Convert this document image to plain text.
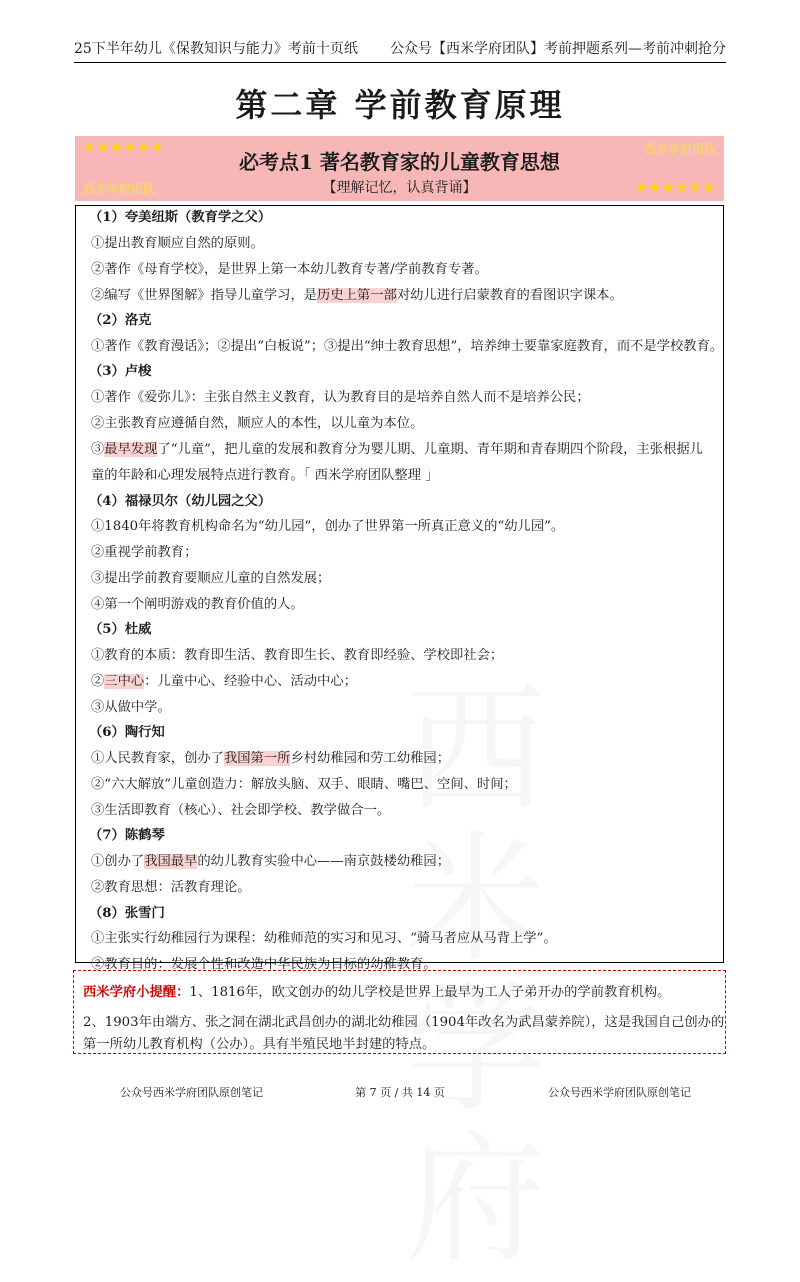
25下半年幼儿《保教知识与能力》考前十页纸 公众号【西米学府团队】考前押题系列—考前冲刺抢分
第二章 学前教育原理
★★★★★★	西米学府团队
必考点1 著名教育家的儿童教育思想
【理解记忆，认真背诵】
西米学府团队	★★★★★★
（1）夸美纽斯（教育学之父）
①提出教育顺应自然的原则。
②著作《母育学校》，是世界上第一本幼儿教育专著/学前教育专著。
②编写《世界图解》指导儿童学习，是历史上第一部对幼儿进行启蒙教育的看图识字课本。
（2）洛克
①著作《教育漫话》；②提出“白板说”；③提出“绅士教育思想”，培养绅士要靠家庭教育，而不是学校教育。
（3）卢梭
①著作《爱弥儿》：主张自然主义教育，认为教育目的是培养自然人而不是培养公民；
②主张教育应遵循自然，顺应人的本性，以儿童为本位。
③最早发现了“儿童”，把儿童的发展和教育分为婴儿期、儿童期、青年期和青春期四个阶段，主张根据儿
童的年龄和心理发展特点进行教育。「 西米学府团队整理 」
（4）福禄贝尔（幼儿园之父）
①1840年将教育机构命名为“幼儿园”，创办了世界第一所真正意义的“幼儿园”。
②重视学前教育；
③提出学前教育要顺应儿童的自然发展；
④第一个阐明游戏的教育价值的人。
（5）杜威
①教育的本质：教育即生活、教育即生长、教育即经验、学校即社会；
②三中心：儿童中心、经验中心、活动中心；
③从做中学。
（6）陶行知
①人民教育家，创办了我国第一所乡村幼稚园和劳工幼稚园；
②“六大解放”儿童创造力：解放头脑、双手、眼睛、嘴巴、空间、时间；
③生活即教育（核心）、社会即学校、教学做合一。
（7）陈鹤琴
①创办了我国最早的幼儿教育实验中心——南京鼓楼幼稚园；
②教育思想：活教育理论。
（8）张雪门
①主张实行幼稚园行为课程：幼稚师范的实习和见习、“骑马者应从马背上学”。
②教育目的：发展个性和改造中华民族为目标的幼稚教育。
西米学府小提醒：1、1816年，欧文创办的幼儿学校是世界上最早为工人子弟开办的学前教育机构。
2、1903年由端方、张之洞在湖北武昌创办的湖北幼稚园（1904年改名为武昌蒙养院），这是我国自己创办的
第一所幼儿教育机构（公办）。具有半殖民地半封建的特点。
公众号西米学府团队原创笔记	第 7 页 / 共 14 页	公众号西米学府团队原创笔记
